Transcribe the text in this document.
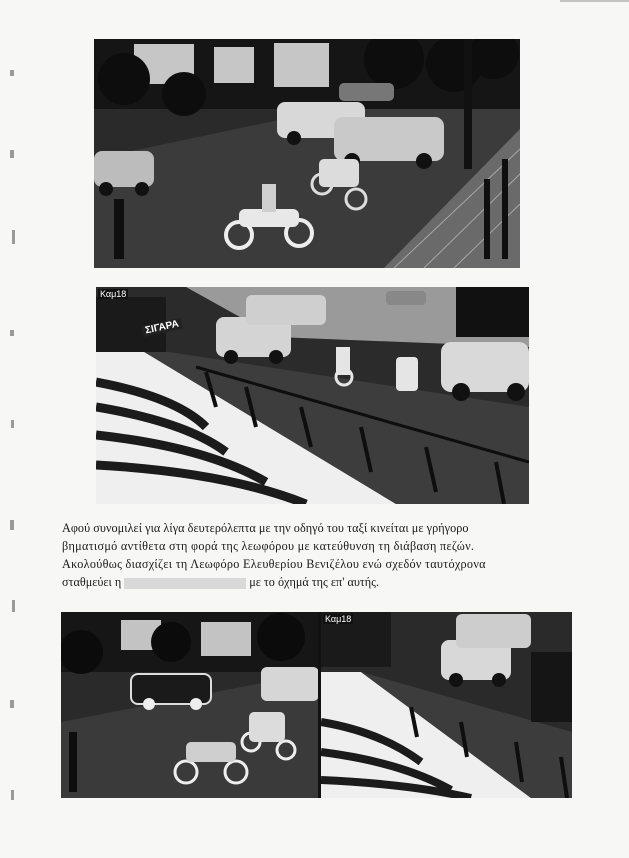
Καμ18
ΣΙΓΑΡΑ
Αφού συνομιλεί για λίγα δευτερόλεπτα με την οδηγό του ταξί κινείται με γρήγορο
βηματισμό αντίθετα στη φορά της λεωφόρου με κατεύθυνση τη διάβαση πεζών.
Ακολούθως διασχίζει τη Λεωφόρο Ελευθερίου Βενιζέλου ενώ σχεδόν ταυτόχρονα
σταθμεύει η	με το όχημά της επ' αυτής.
Καμ18
